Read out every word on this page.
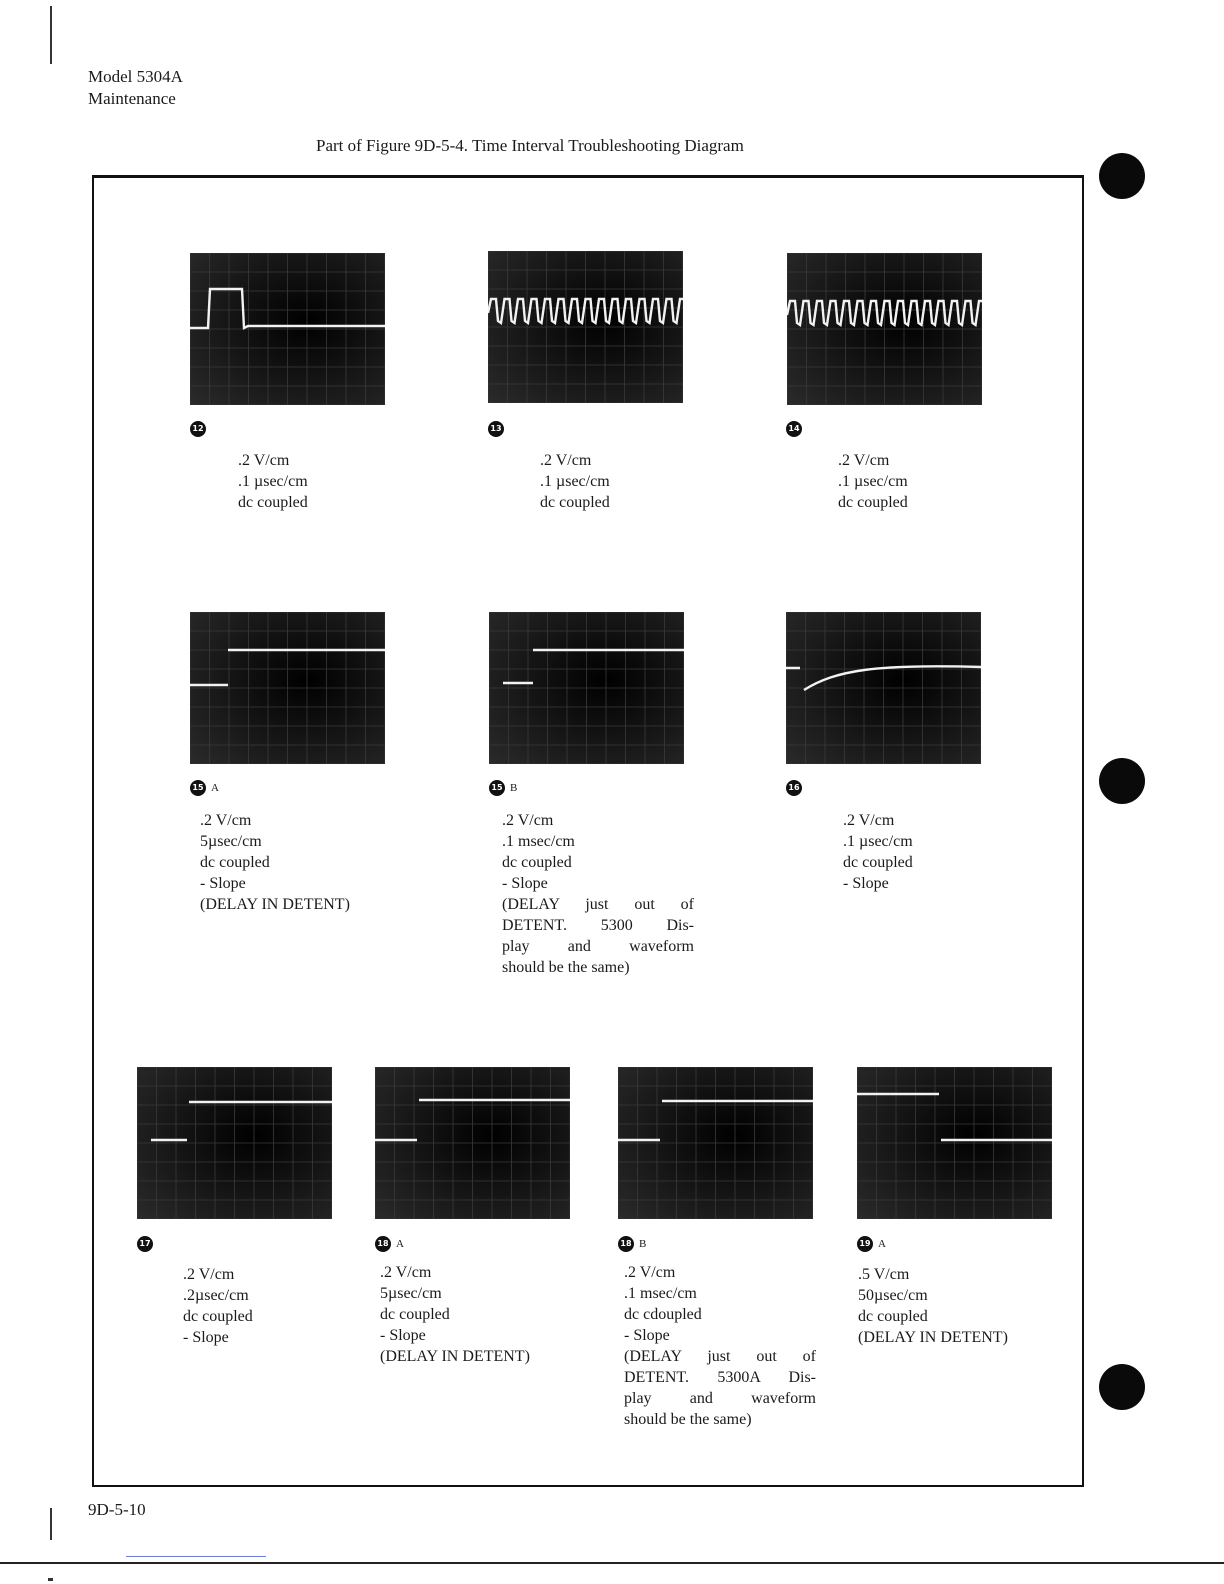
Model 5304A
Maintenance
Part of Figure 9D-5-4. Time Interval Troubleshooting Diagram
12
.2 V/cm
.1 µsec/cm
dc coupled
13
.2 V/cm
.1 µsec/cm
dc coupled
14
.2 V/cm
.1 µsec/cm
dc coupled
15 A
.2 V/cm
5µsec/cm
dc coupled
- Slope
(DELAY IN DETENT)
15 B
.2 V/cm
.1 msec/cm
dc coupled
- Slope
(DELAY just out of
DETENT. 5300 Dis-
play and waveform
should be the same)
16
.2 V/cm
.1 µsec/cm
dc coupled
- Slope
17
.2 V/cm
.2µsec/cm
dc coupled
- Slope
18 A
.2 V/cm
5µsec/cm
dc coupled
- Slope
(DELAY IN DETENT)
18 B
.2 V/cm
.1 msec/cm
dc cdoupled
- Slope
(DELAY just out of
DETENT. 5300A Dis-
play and waveform
should be the same)
19 A
.5 V/cm
50µsec/cm
dc coupled
(DELAY IN DETENT)
9D-5-10
